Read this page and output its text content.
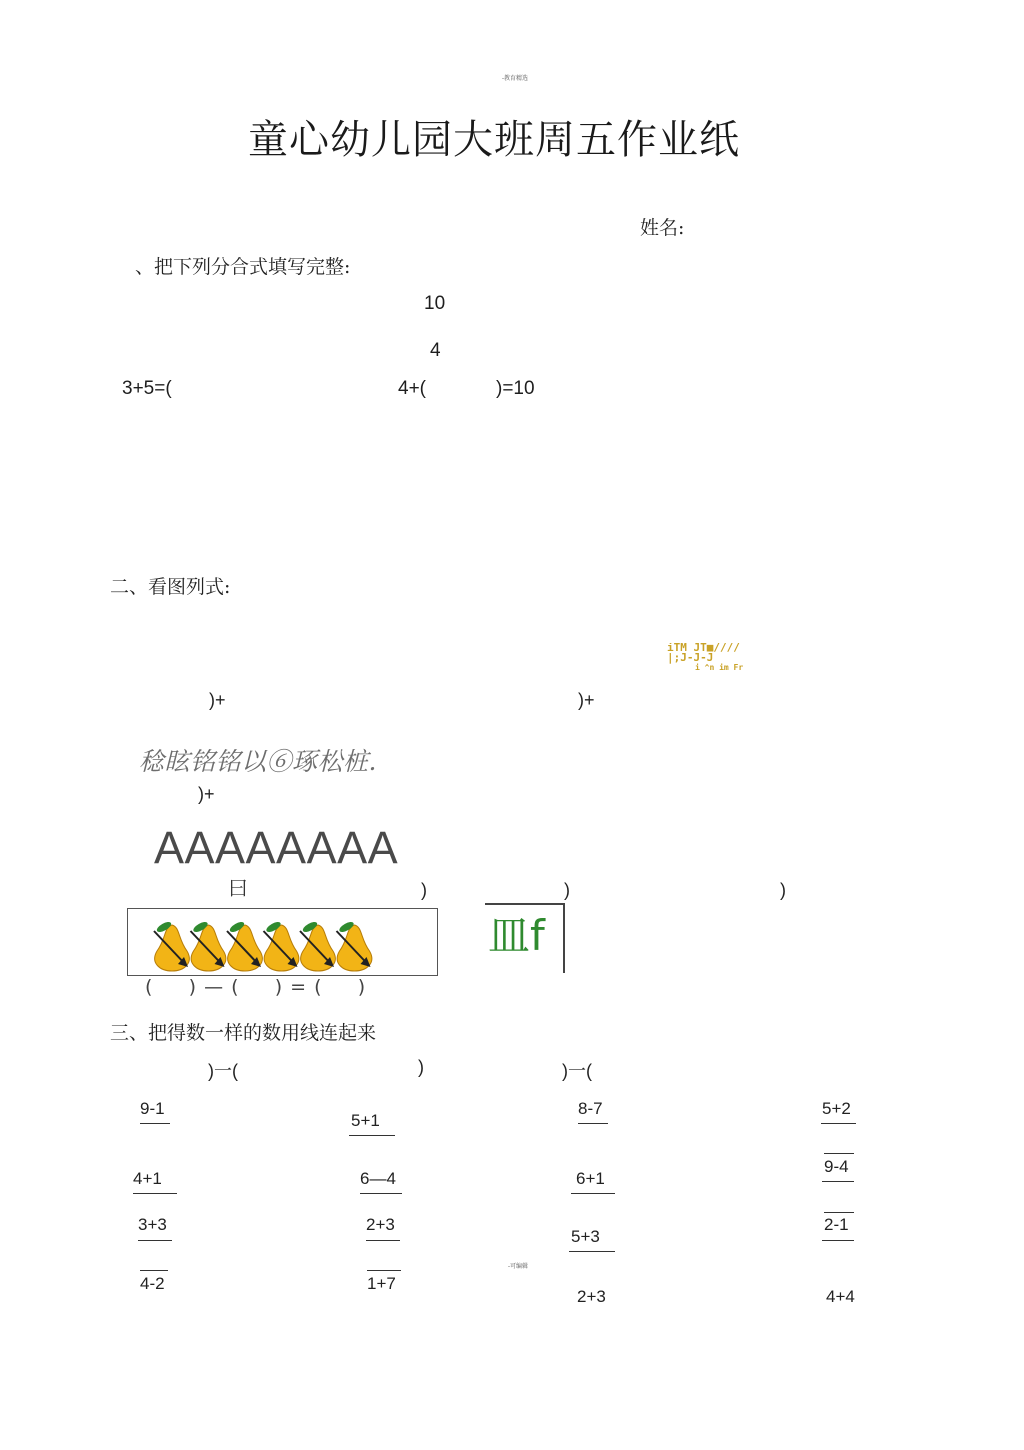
-教育精选
童心幼儿园大班周五作业纸
姓名:
、把下列分合式填写完整:
10
4
3+5=(	4+(	)=10
二、看图列式:
iTM JT■////
|;J-J-J
i ^n im Fr
)+	)+
稔眩铭铭以⑥琢松桩.
)+
AAAAAAAA
曰	)	)	)
(     ) — (     ) = (     )
皿f
三、把得数一样的数用线连起来
)一(	)	)一(
9-1
4+1
3+3
4-2
5+1
6—4
2+3
1+7
8-7
6+1
5+3
2+3
5+2
9-4
2-1
4+4
-可编辑
